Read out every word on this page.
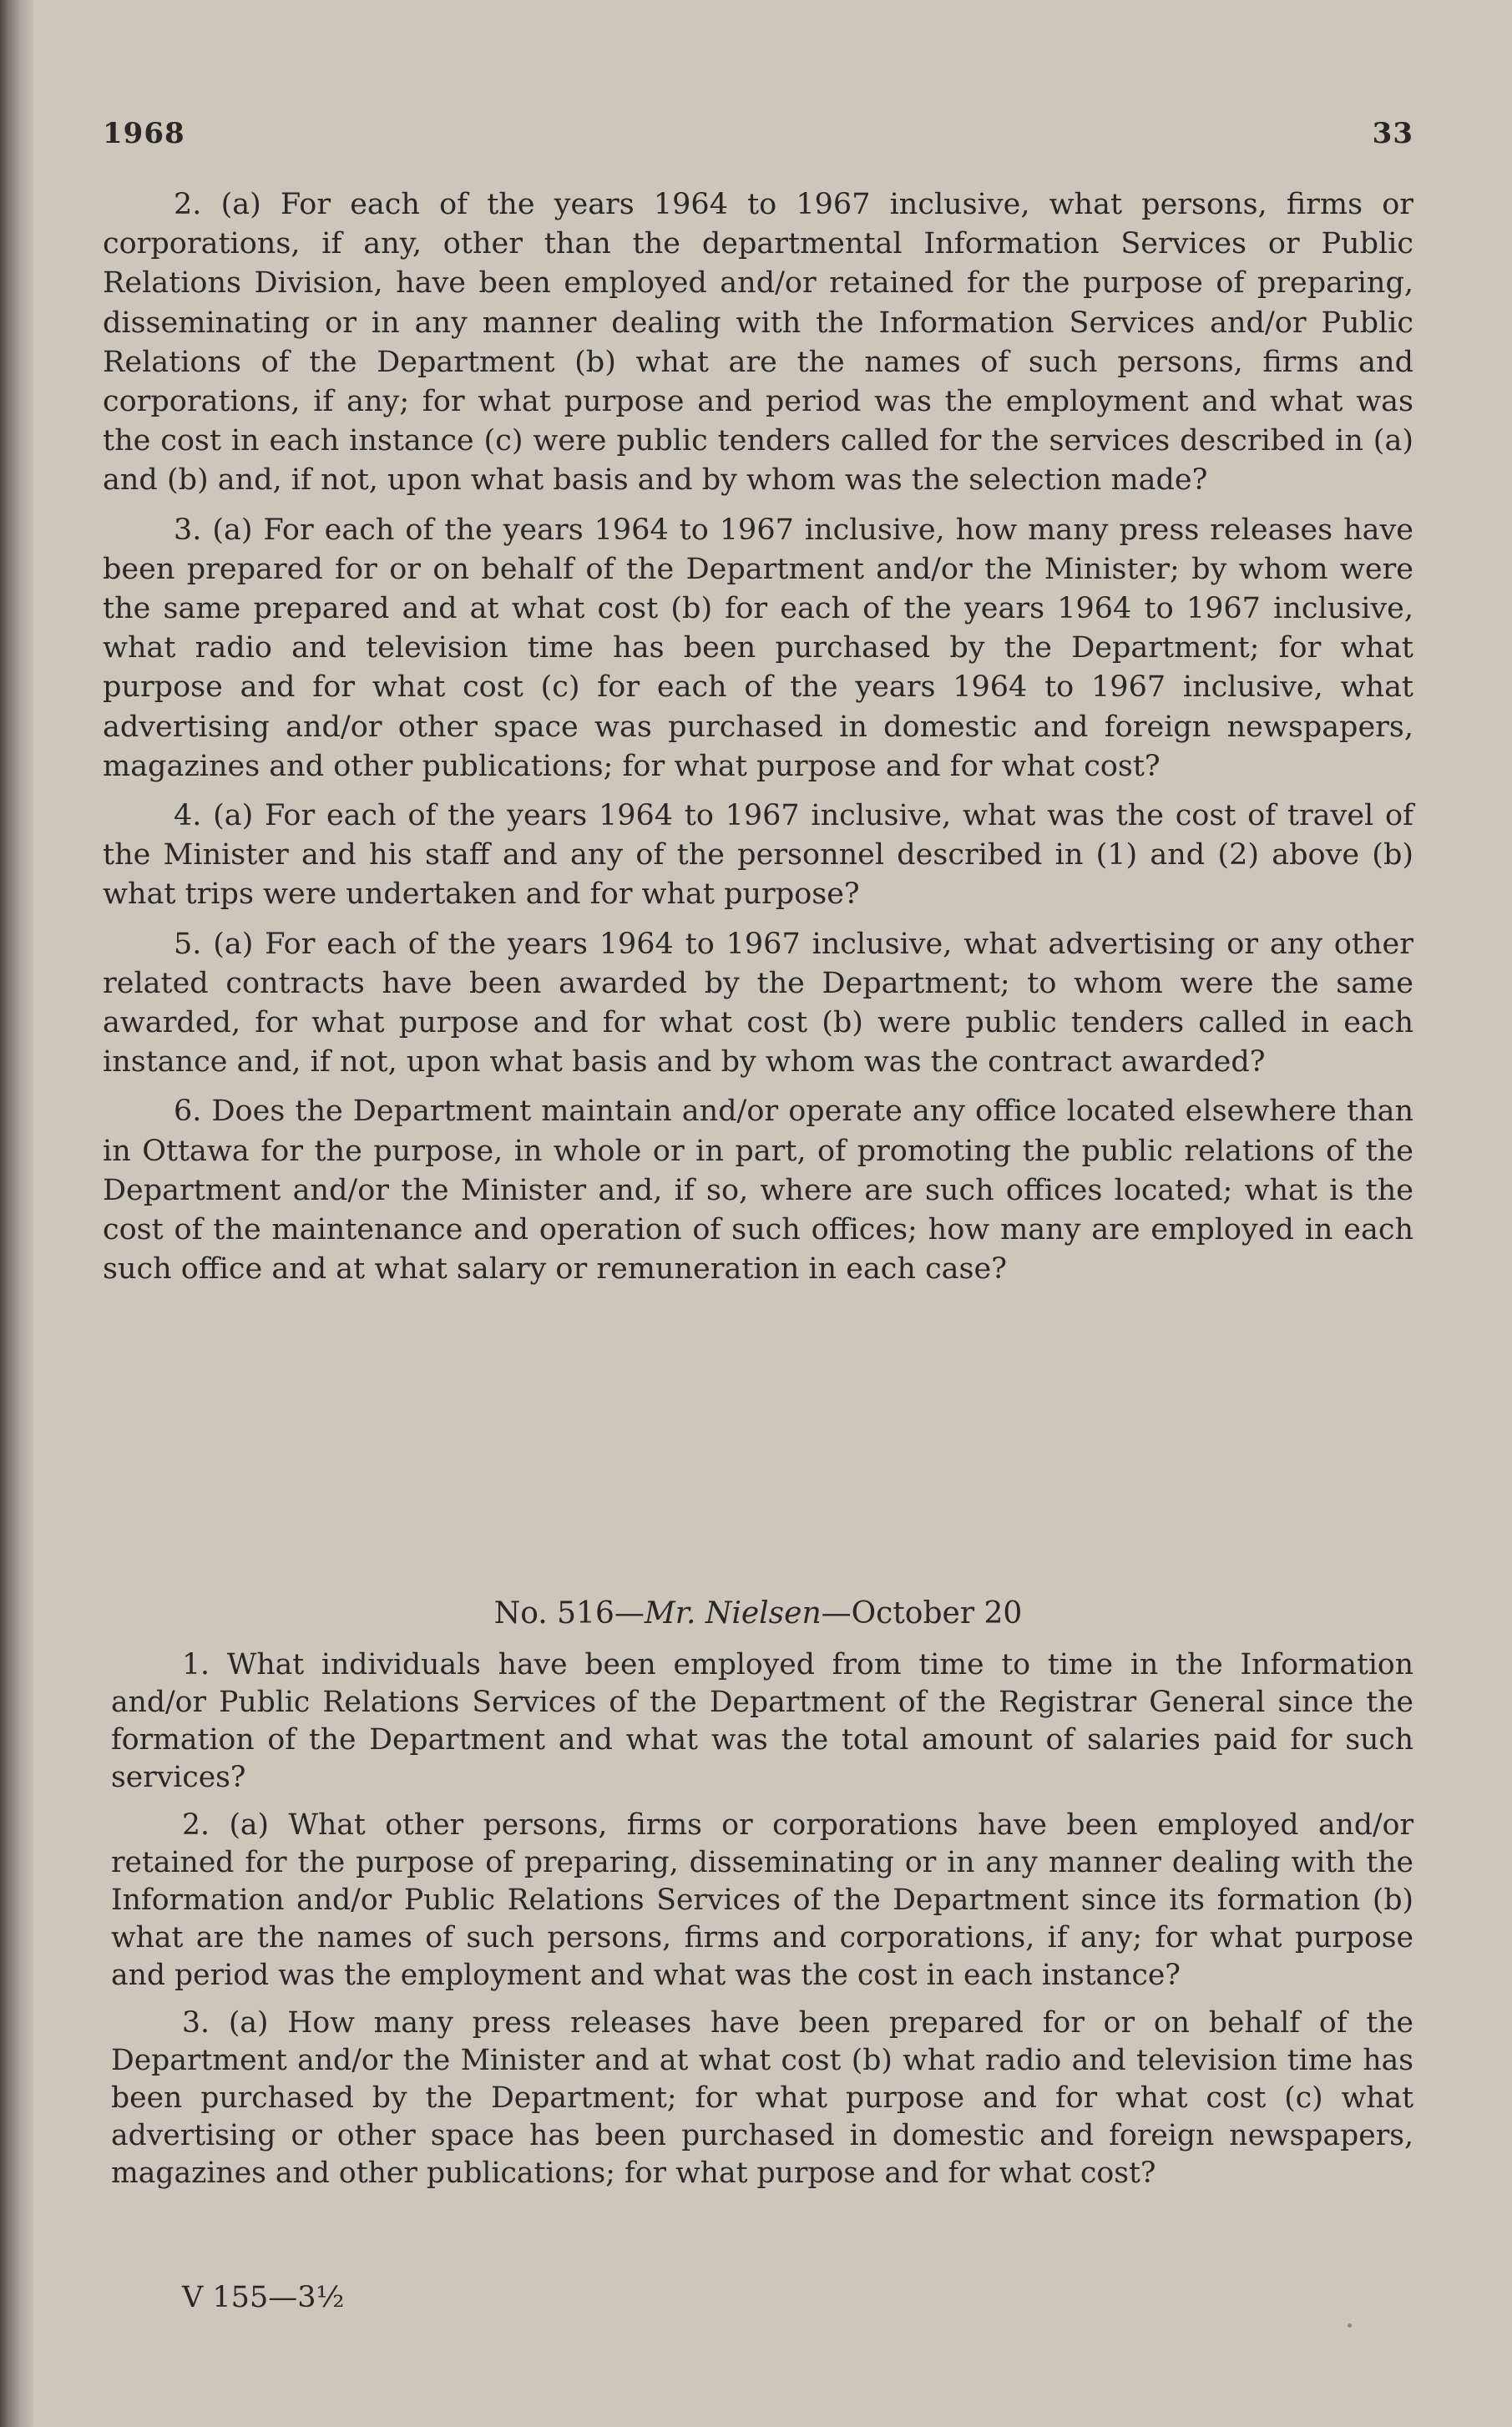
1968	33

2. (a) For each of the years 1964 to 1967 inclusive, what persons, firms or corporations, if any, other than the departmental Information Services or Public Relations Division, have been employed and/or retained for the purpose of preparing, disseminating or in any manner dealing with the Information Services and/or Public Relations of the Department (b) what are the names of such persons, firms and corporations, if any; for what purpose and period was the employment and what was the cost in each instance (c) were public tenders called for the services described in (a) and (b) and, if not, upon what basis and by whom was the selection made?

3. (a) For each of the years 1964 to 1967 inclusive, how many press releases have been prepared for or on behalf of the Department and/or the Minister; by whom were the same prepared and at what cost (b) for each of the years 1964 to 1967 inclusive, what radio and television time has been purchased by the Department; for what purpose and for what cost (c) for each of the years 1964 to 1967 inclusive, what advertising and/or other space was purchased in domestic and foreign newspapers, magazines and other publications; for what purpose and for what cost?

4. (a) For each of the years 1964 to 1967 inclusive, what was the cost of travel of the Minister and his staff and any of the personnel described in (1) and (2) above (b) what trips were undertaken and for what purpose?

5. (a) For each of the years 1964 to 1967 inclusive, what advertising or any other related contracts have been awarded by the Department; to whom were the same awarded, for what purpose and for what cost (b) were public tenders called in each instance and, if not, upon what basis and by whom was the contract awarded?

6. Does the Department maintain and/or operate any office located elsewhere than in Ottawa for the purpose, in whole or in part, of promoting the public relations of the Department and/or the Minister and, if so, where are such offices located; what is the cost of the maintenance and operation of such offices; how many are employed in each such office and at what salary or remuneration in each case?

No. 516—Mr. Nielsen—October 20

1. What individuals have been employed from time to time in the Information and/or Public Relations Services of the Department of the Registrar General since the formation of the Department and what was the total amount of salaries paid for such services?

2. (a) What other persons, firms or corporations have been employed and/or retained for the purpose of preparing, disseminating or in any manner dealing with the Information and/or Public Relations Services of the Department since its formation (b) what are the names of such persons, firms and corporations, if any; for what purpose and period was the employment and what was the cost in each instance?

3. (a) How many press releases have been prepared for or on behalf of the Department and/or the Minister and at what cost (b) what radio and television time has been purchased by the Department; for what purpose and for what cost (c) what advertising or other space has been purchased in domestic and foreign newspapers, magazines and other publications; for what purpose and for what cost?

V 155—3½
